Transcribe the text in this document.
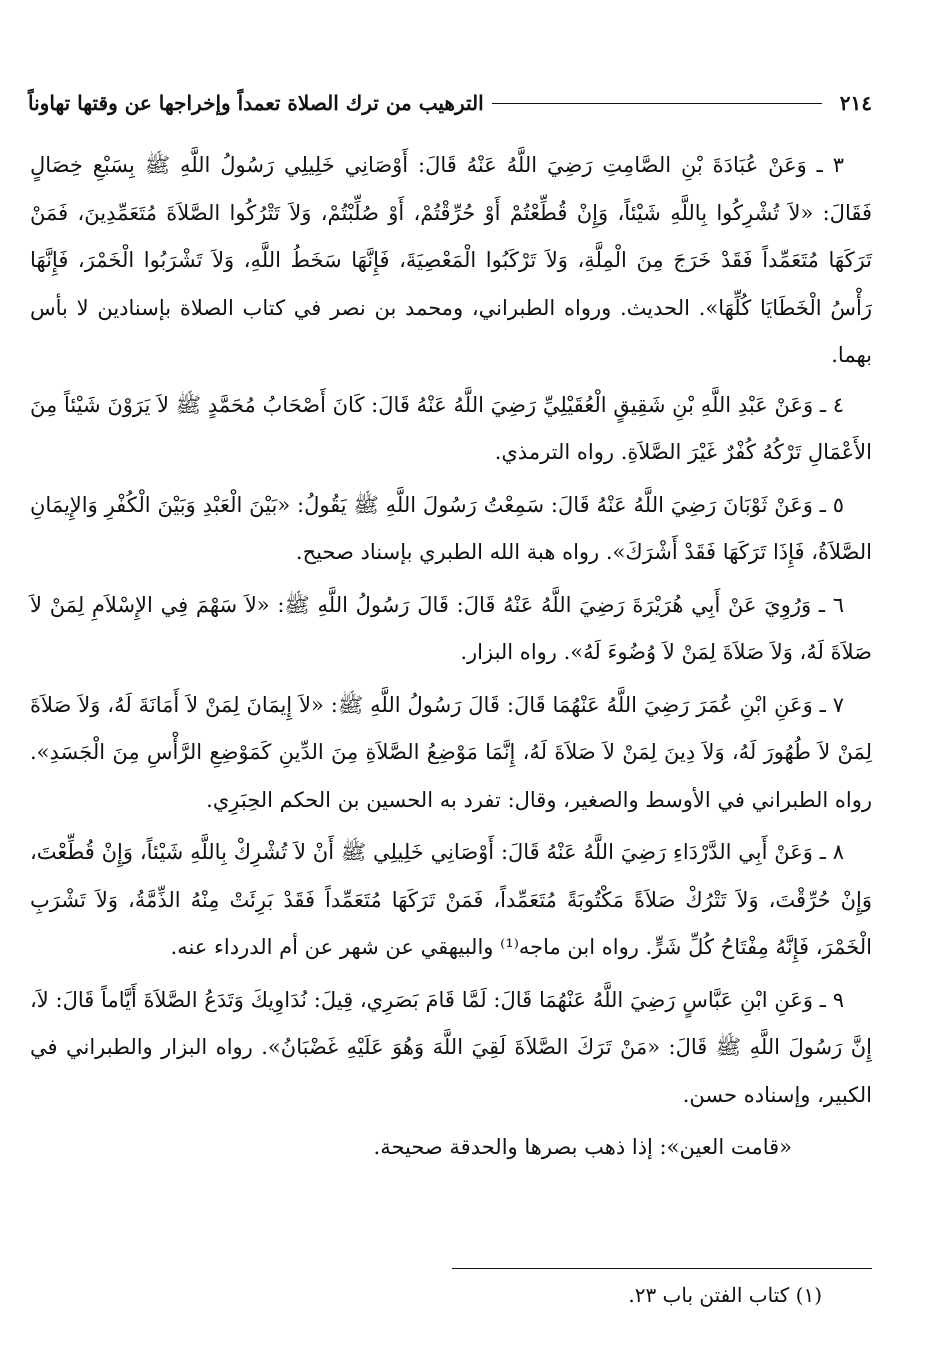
٢١٤
الترهيب من ترك الصلاة تعمداً وإخراجها عن وقتها تهاوناً

٣ ـ وَعَنْ عُبَادَةَ بْنِ الصَّامِتِ رَضِيَ اللَّهُ عَنْهُ قَالَ: أَوْصَانِي خَلِيلِي رَسُولُ اللَّهِ ﷺ بِسَبْعِ خِصَالٍ فَقَالَ: «لاَ تُشْرِكُوا بِاللَّهِ شَيْئاً، وَإِنْ قُطِّعْتُمْ أَوْ حُرِّقْتُمْ، أَوْ صُلِّبْتُمْ، وَلاَ تَتْرُكُوا الصَّلاَةَ مُتَعَمِّدِينَ، فَمَنْ تَرَكَهَا مُتَعَمِّداً فَقَدْ خَرَجَ مِنَ الْمِلَّةِ، وَلاَ تَرْكَبُوا الْمَعْصِيَةَ، فَإِنَّهَا سَخَطُ اللَّهِ، وَلاَ تَشْرَبُوا الْخَمْرَ، فَإِنَّهَا رَأْسُ الْخَطَايَا كُلِّهَا». الحديث. ورواه الطبراني، ومحمد بن نصر في كتاب الصلاة بإسنادين لا بأس بهما.

٤ ـ وَعَنْ عَبْدِ اللَّهِ بْنِ شَقِيقٍ الْعُقَيْلِيِّ رَضِيَ اللَّهُ عَنْهُ قَالَ: كَانَ أَصْحَابُ مُحَمَّدٍ ﷺ لاَ يَرَوْنَ شَيْئاً مِنَ الأَعْمَالِ تَرْكُهُ كُفْرٌ غَيْرَ الصَّلاَةِ. رواه الترمذي.

٥ ـ وَعَنْ ثَوْبَانَ رَضِيَ اللَّهُ عَنْهُ قَالَ: سَمِعْتُ رَسُولَ اللَّهِ ﷺ يَقُولُ: «بَيْنَ الْعَبْدِ وَبَيْنَ الْكُفْرِ وَالإِيمَانِ الصَّلاَةُ، فَإِذَا تَرَكَهَا فَقَدْ أَشْرَكَ». رواه هبة الله الطبري بإسناد صحيح.

٦ ـ وَرُوِيَ عَنْ أَبِي هُرَيْرَةَ رَضِيَ اللَّهُ عَنْهُ قَالَ: قَالَ رَسُولُ اللَّهِ ﷺ: «لاَ سَهْمَ فِي الإِسْلاَمِ لِمَنْ لاَ صَلاَةَ لَهُ، وَلاَ صَلاَةَ لِمَنْ لاَ وُضُوءَ لَهُ». رواه البزار.

٧ ـ وَعَنِ ابْنِ عُمَرَ رَضِيَ اللَّهُ عَنْهُمَا قَالَ: قَالَ رَسُولُ اللَّهِ ﷺ: «لاَ إِيمَانَ لِمَنْ لاَ أَمَانَةَ لَهُ، وَلاَ صَلاَةَ لِمَنْ لاَ طُهُورَ لَهُ، وَلاَ دِينَ لِمَنْ لاَ صَلاَةَ لَهُ، إِنَّمَا مَوْضِعُ الصَّلاَةِ مِنَ الدِّينِ كَمَوْضِعِ الرَّأْسِ مِنَ الْجَسَدِ». رواه الطبراني في الأوسط والصغير، وقال: تفرد به الحسين بن الحكم الحِبَرِي.

٨ ـ وَعَنْ أَبِي الدَّرْدَاءِ رَضِيَ اللَّهُ عَنْهُ قَالَ: أَوْصَانِي خَلِيلِي ﷺ أَنْ لاَ تُشْرِكْ بِاللَّهِ شَيْئاً، وَإِنْ قُطِّعْتَ، وَإِنْ حُرِّقْتَ، وَلاَ تَتْرُكْ صَلاَةً مَكْتُوبَةً مُتَعَمِّداً، فَمَنْ تَرَكَهَا مُتَعَمِّداً فَقَدْ بَرِئَتْ مِنْهُ الذِّمَّةُ، وَلاَ تَشْرَبِ الْخَمْرَ، فَإِنَّهُ مِفْتَاحُ كُلِّ شَرٍّ. رواه ابن ماجه⁽¹⁾ والبيهقي عن شهر عن أم الدرداء عنه.

٩ ـ وَعَنِ ابْنِ عَبَّاسٍ رَضِيَ اللَّهُ عَنْهُمَا قَالَ: لَمَّا قَامَ بَصَرِي، قِيلَ: نُدَاوِيكَ وَتَدَعُ الصَّلاَةَ أَيَّاماً قَالَ: لاَ، إِنَّ رَسُولَ اللَّهِ ﷺ قَالَ: «مَنْ تَرَكَ الصَّلاَةَ لَقِيَ اللَّهَ وَهُوَ عَلَيْهِ غَضْبَانُ». رواه البزار والطبراني في الكبير، وإسناده حسن.

«قامت العين»: إذا ذهب بصرها والحدقة صحيحة.

(١) كتاب الفتن باب ٢٣.
